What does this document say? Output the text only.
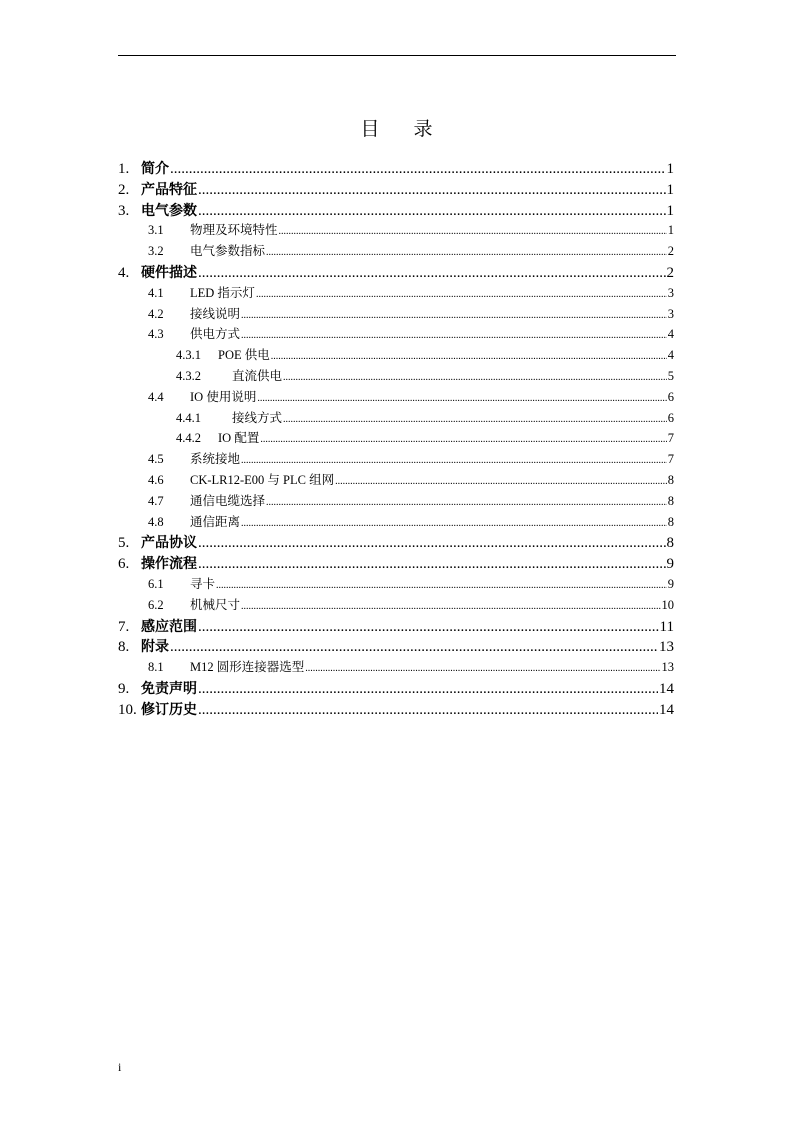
目 录
1. 简介 .....	1
2. 产品特征 .....	1
3. 电气参数 .....	1
3.1	物理及环境特性 .....	1
3.2	电气参数指标 .....	2
4. 硬件描述 .....	2
4.1	LED 指示灯 .....	3
4.2	接线说明 .....	3
4.3	供电方式 .....	4
4.3.1	POE 供电 .....	4
4.3.2	直流供电 .....	5
4.4	IO 使用说明 .....	6
4.4.1	接线方式 .....	6
4.4.2	IO 配置 .....	7
4.5	系统接地 .....	7
4.6	CK-LR12-E00 与 PLC 组网 .....	8
4.7	通信电缆选择 .....	8
4.8	通信距离 .....	8
5. 产品协议 .....	8
6. 操作流程 .....	9
6.1	寻卡 .....	9
6.2	机械尺寸 .....	10
7. 感应范围 .....	11
8. 附录 .....	13
8.1	M12 圆形连接器选型 .....	13
9. 免责声明 .....	14
10. 修订历史 .....	14
i
